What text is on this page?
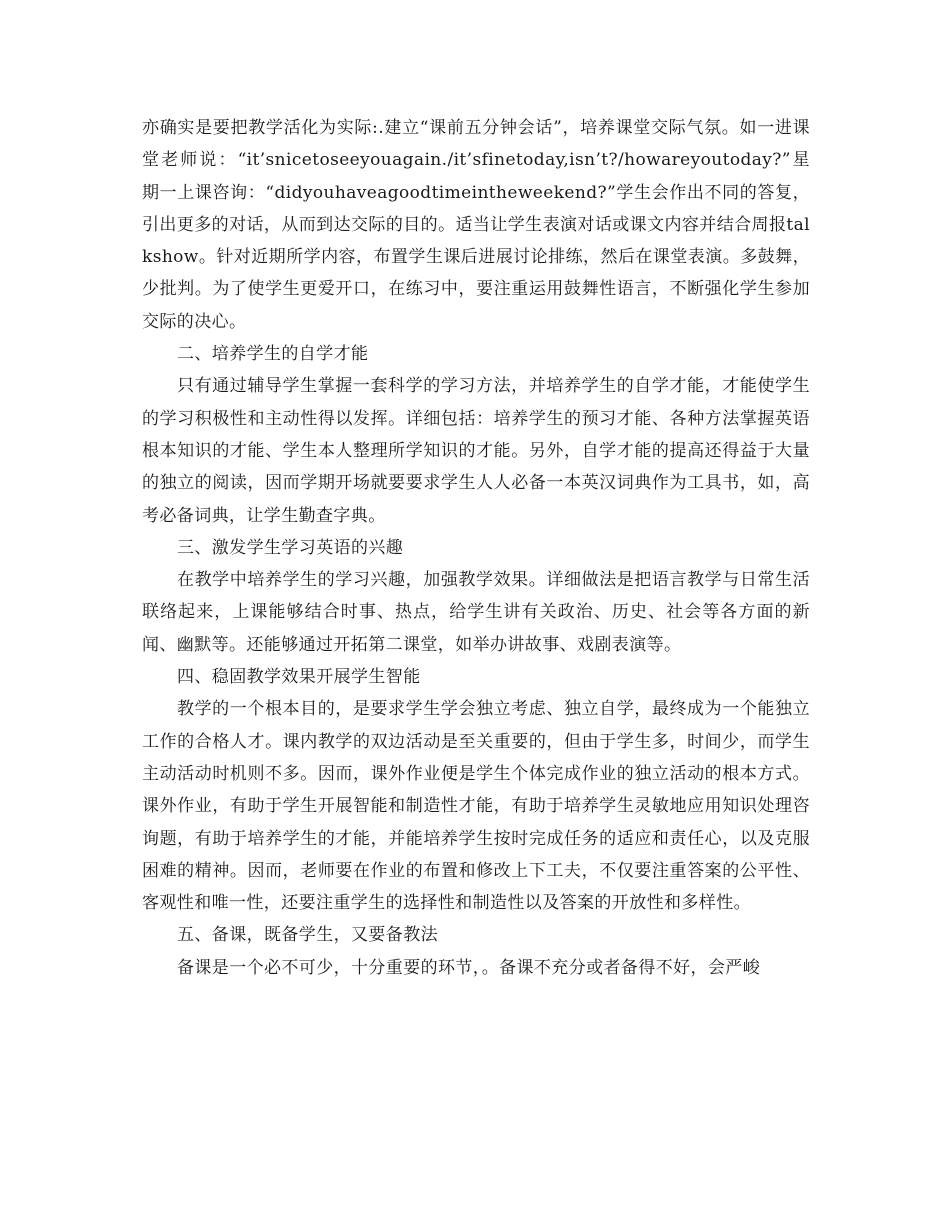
亦确实是要把教学活化为实际:.建立“课前五分钟会话”，培养课堂交际气氛。如一进课堂老师说：“it’snicetoseeyouagain./it’sfinetoday,isn’t?/howareyoutoday?”星期一上课咨询：“didyouhaveagoodtimeintheweekend?”学生会作出不同的答复，引出更多的对话，从而到达交际的目的。适当让学生表演对话或课文内容并结合周报talkshow。针对近期所学内容，布置学生课后进展讨论排练，然后在课堂表演。多鼓舞，少批判。为了使学生更爱开口，在练习中，要注重运用鼓舞性语言，不断强化学生参加交际的决心。

二、培养学生的自学才能

只有通过辅导学生掌握一套科学的学习方法，并培养学生的自学才能，才能使学生的学习积极性和主动性得以发挥。详细包括：培养学生的预习才能、各种方法掌握英语根本知识的才能、学生本人整理所学知识的才能。另外，自学才能的提高还得益于大量的独立的阅读，因而学期开场就要要求学生人人必备一本英汉词典作为工具书，如，高考必备词典，让学生勤查字典。

三、激发学生学习英语的兴趣

在教学中培养学生的学习兴趣，加强教学效果。详细做法是把语言教学与日常生活联络起来，上课能够结合时事、热点，给学生讲有关政治、历史、社会等各方面的新闻、幽默等。还能够通过开拓第二课堂，如举办讲故事、戏剧表演等。

四、稳固教学效果开展学生智能

教学的一个根本目的，是要求学生学会独立考虑、独立自学，最终成为一个能独立工作的合格人才。课内教学的双边活动是至关重要的，但由于学生多，时间少，而学生主动活动时机则不多。因而，课外作业便是学生个体完成作业的独立活动的根本方式。课外作业，有助于学生开展智能和制造性才能，有助于培养学生灵敏地应用知识处理咨询题，有助于培养学生的才能，并能培养学生按时完成任务的适应和责任心，以及克服困难的精神。因而，老师要在作业的布置和修改上下工夫，不仅要注重答案的公平性、客观性和唯一性，还要注重学生的选择性和制造性以及答案的开放性和多样性。

五、备课，既备学生，又要备教法

备课是一个必不可少，十分重要的环节，。备课不充分或者备得不好，会严峻
